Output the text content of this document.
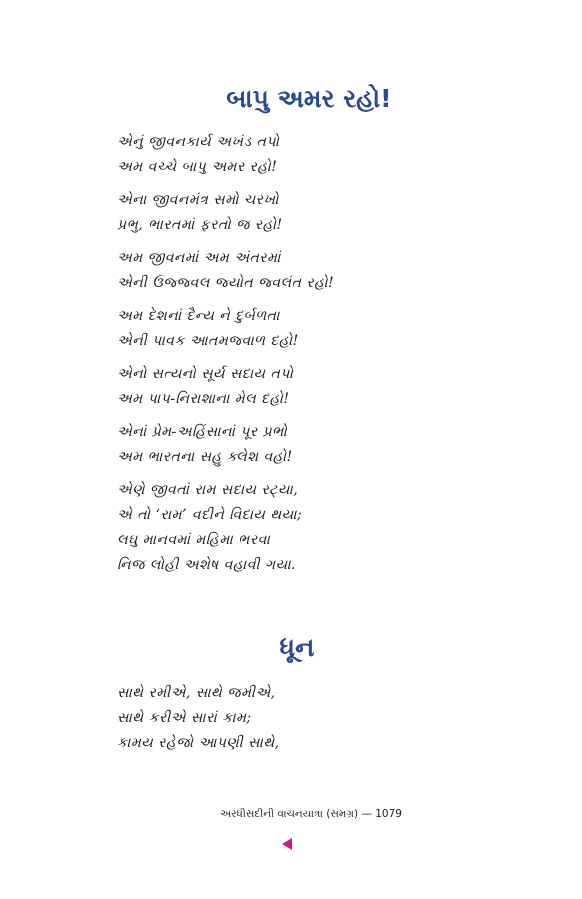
બાપુ અમર રહો!
એનું જીવનકાર્ય અખંડ તપો
અમ વચ્ચે બાપુ અમર રહો!
એના જીવનમંત્ર સમો ચરખો
પ્રભુ, ભારતમાં ફરતો જ રહો!
અમ જીવનમાં અમ અંતરમાં
એની ઉજ્જ્વલ જ્યોત જ્વલંત રહો!
અમ દેશનાં દૈન્ય ને દુર્બળતા
એની પાવક આતમજ્વાળ દહો!
એનો સત્યનો સૂર્ય સદાય તપો
અમ પાપ-નિરાશાના મેલ દહો!
એનાં પ્રેમ-અહિંસાનાં પૂર પ્રભો
અમ ભારતના સહુ ક્લેશ વહો!
એણે જીવતાં રામ સદાય રટ્યા,
એ તો ‘રામ’ વદીને વિદાય થયા;
લઘુ માનવમાં મહિમા ભરવા
નિજ લોહી અશેષ વહાવી ગયા.
ધૂન
સાથે રમીએ, સાથે જમીએ,
સાથે કરીએ સારાં કામ;
કામય રહેજો આપણી સાથે,
અરધીસદીની વાચનયાત્રા (સમગ્ર) — 1079
